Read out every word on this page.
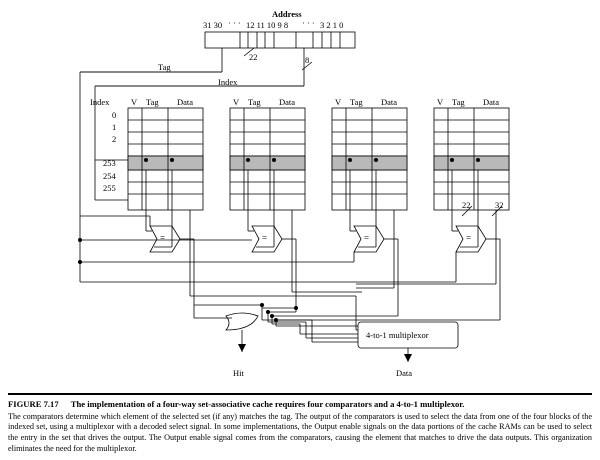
Address
31 30 · · · 12 11 10 9 8 · · · 3 2 1 0
Tag
Index
22	8
Index	V Tag Data	V Tag Data	V Tag Data	V Tag Data
0
1
2
253
254
255
=	=	=	=
22	32
4-to-1 multiplexor
Hit	Data
FIGURE 7.17 The implementation of a four-way set-associative cache requires four comparators and a 4-to-1 multiplexor.
The comparators determine which element of the selected set (if any) matches the tag. The output of the comparators is used to select the data from one of the four blocks of the indexed set, using a multiplexor with a decoded select signal. In some implementations, the Output enable signals on the data portions of the cache RAMs can be used to select the entry in the set that drives the output. The Output enable signal comes from the comparators, causing the element that matches to drive the data outputs. This organization eliminates the need for the multiplexor.
